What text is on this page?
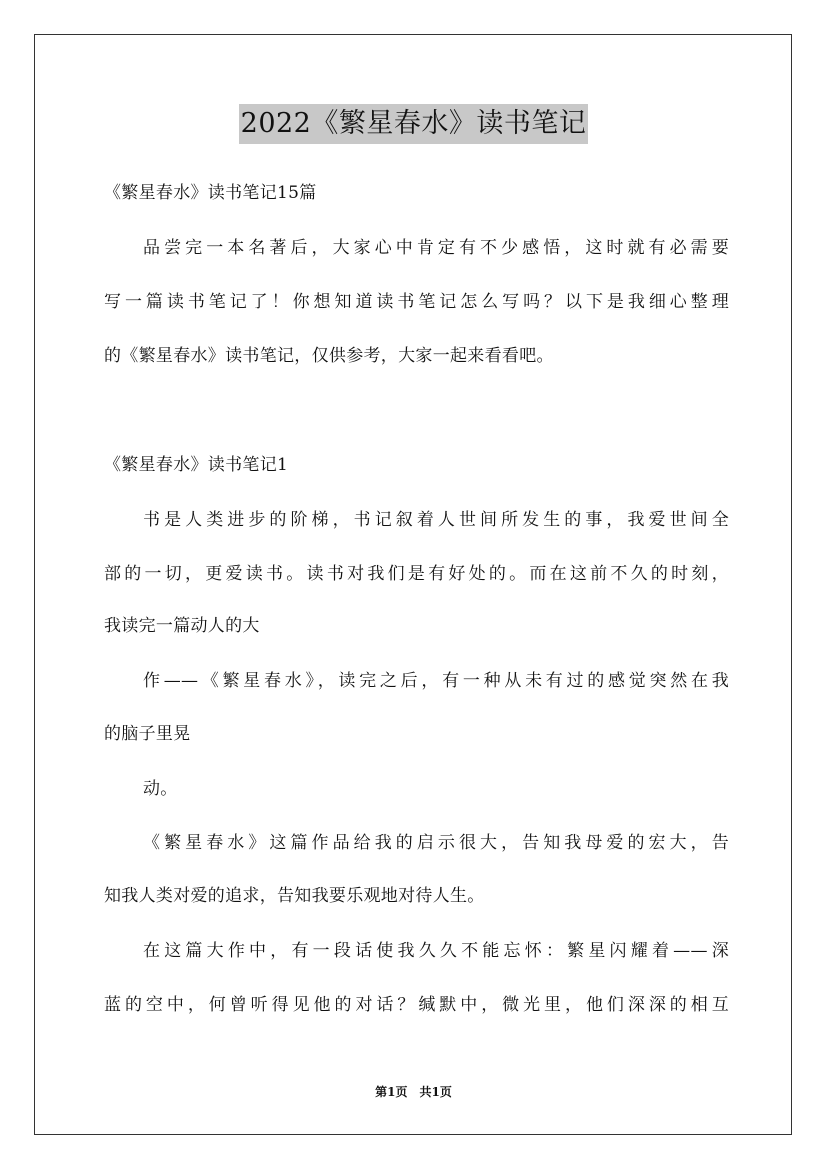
2022《繁星春水》读书笔记

《繁星春水》读书笔记15篇

品尝完一本名著后，大家心中肯定有不少感悟，这时就有必需要

写一篇读书笔记了！你想知道读书笔记怎么写吗？以下是我细心整理

的《繁星春水》读书笔记，仅供参考，大家一起来看看吧。

《繁星春水》读书笔记1

书是人类进步的阶梯，书记叙着人世间所发生的事，我爱世间全

部的一切，更爱读书。读书对我们是有好处的。而在这前不久的时刻，

我读完一篇动人的大

作——《繁星春水》，读完之后，有一种从未有过的感觉突然在我

的脑子里晃

动。

《繁星春水》这篇作品给我的启示很大，告知我母爱的宏大，告

知我人类对爱的追求，告知我要乐观地对待人生。

在这篇大作中，有一段话使我久久不能忘怀：繁星闪耀着——深

蓝的空中，何曾听得见他的对话？缄默中，微光里，他们深深的相互

第1页　共1页
